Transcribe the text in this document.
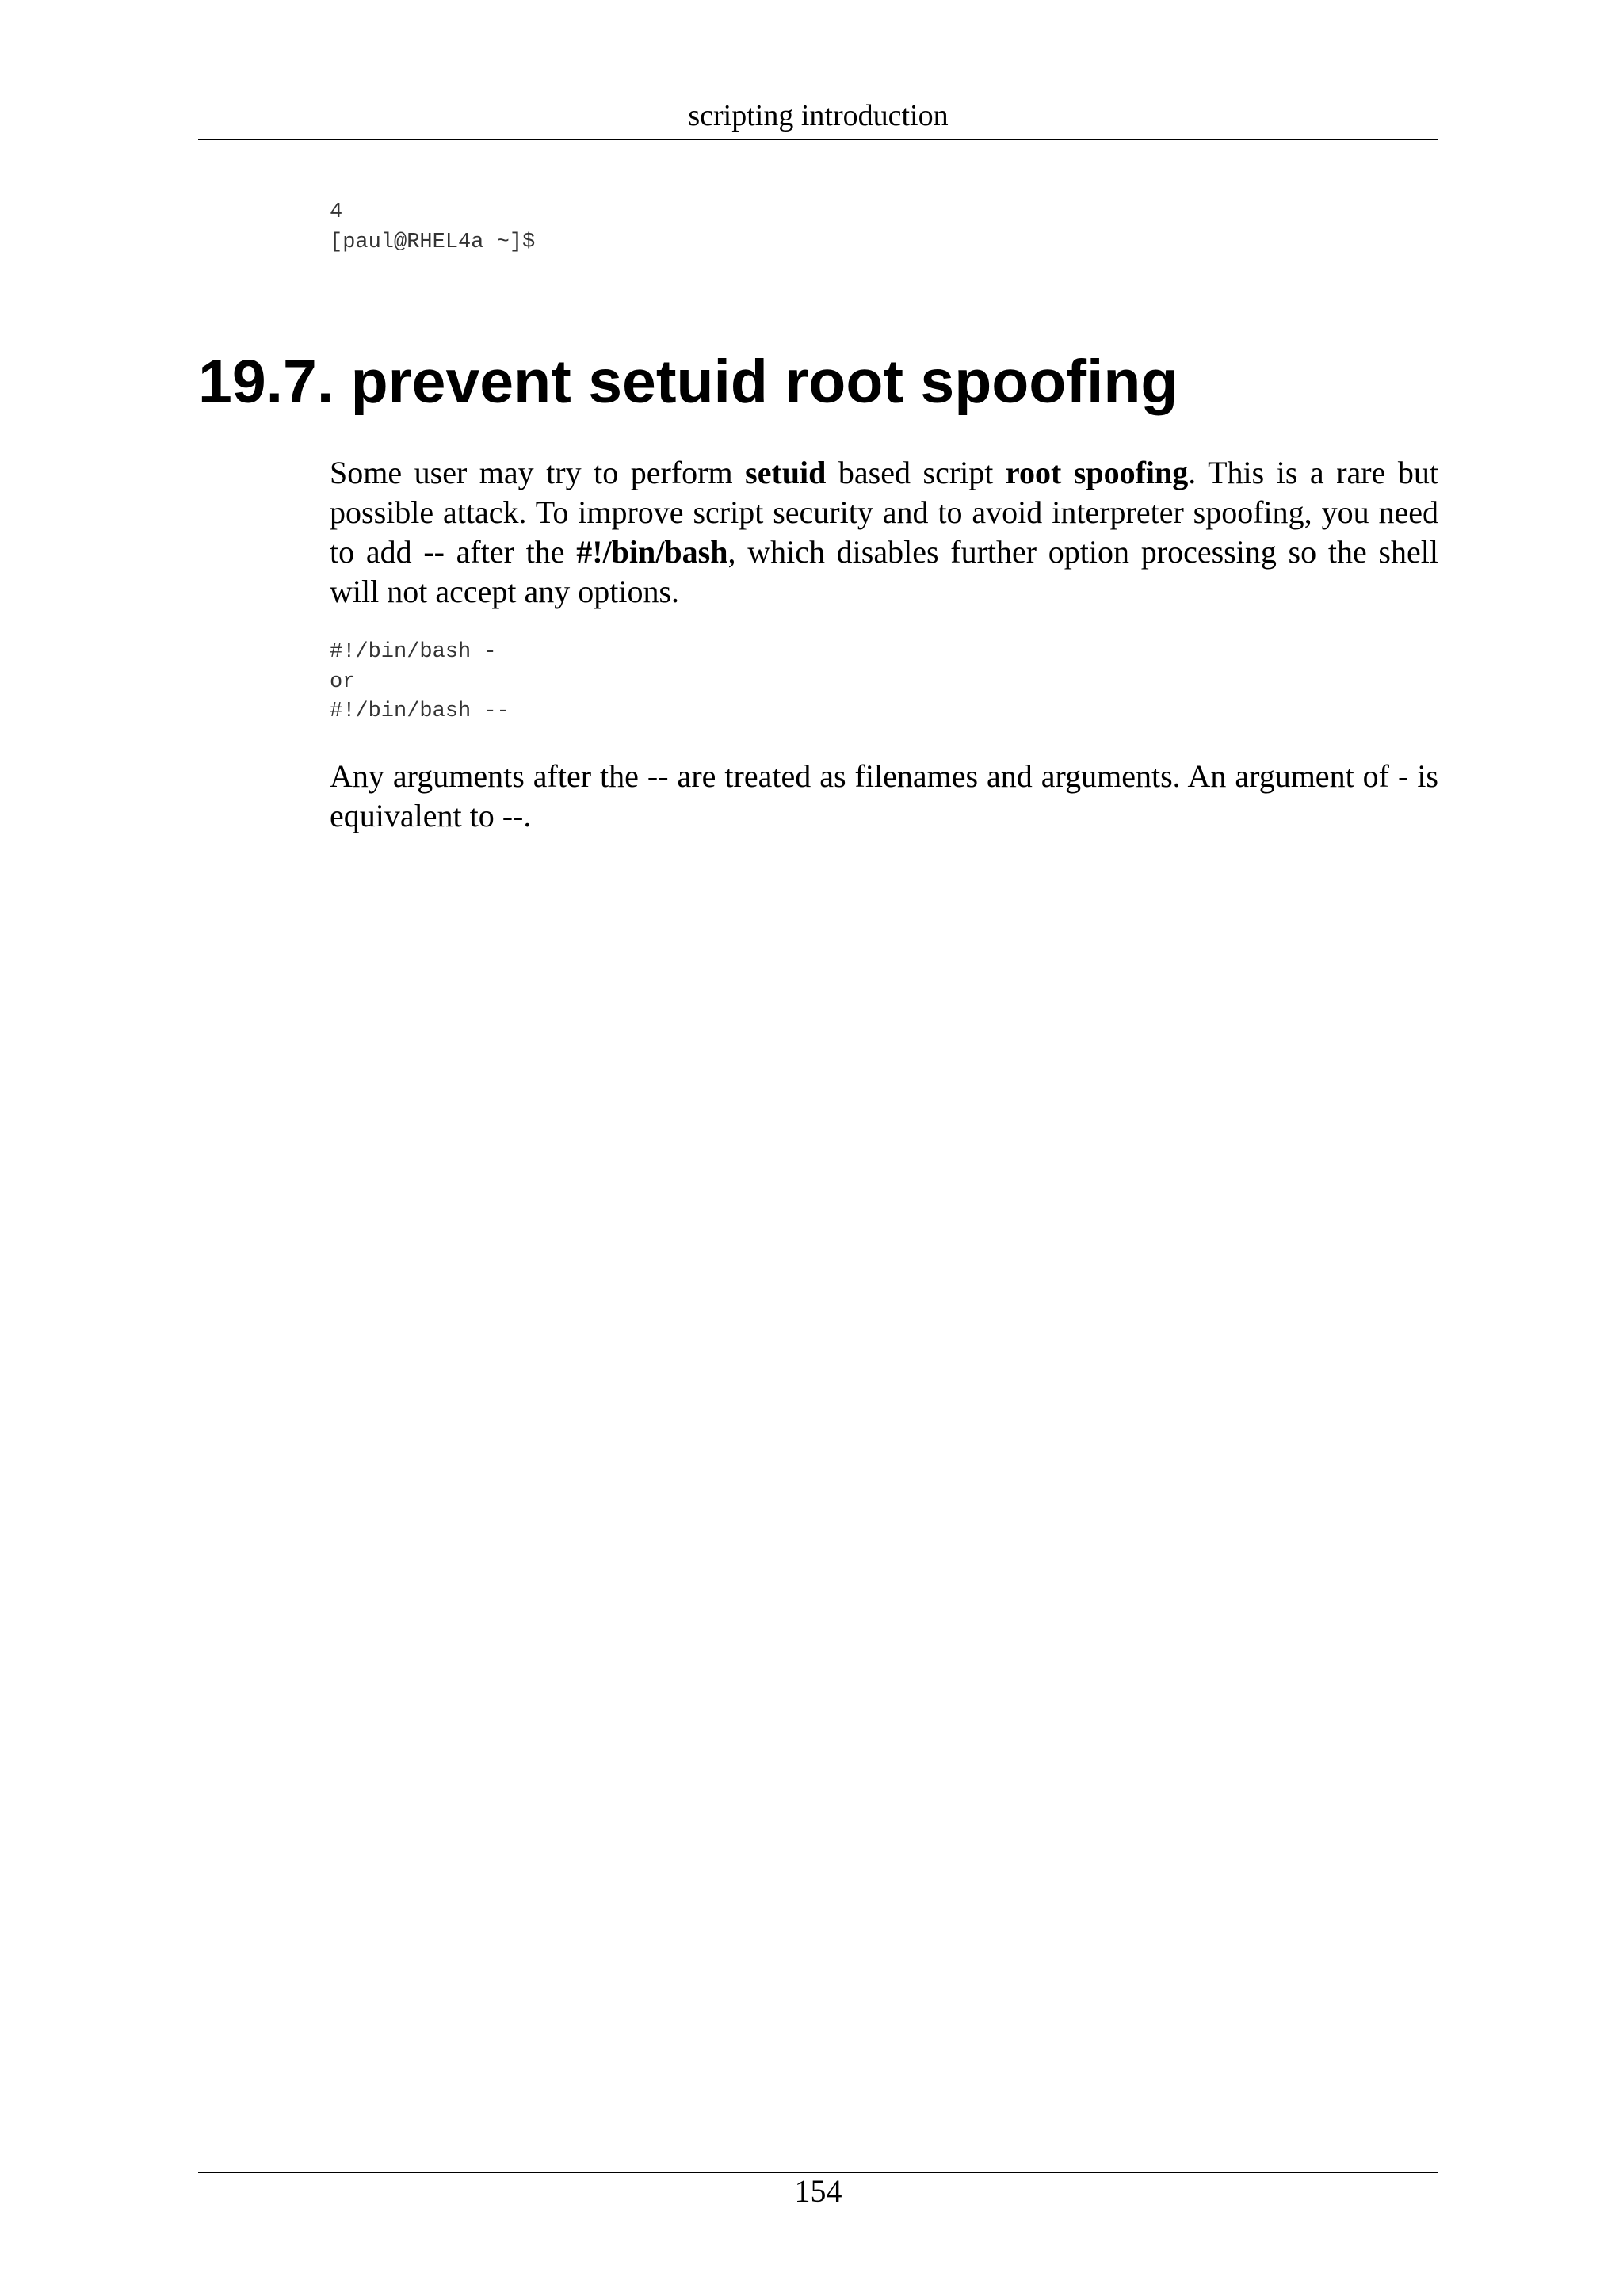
scripting introduction
4
[paul@RHEL4a ~]$
19.7. prevent setuid root spoofing

Some user may try to perform setuid based script root spoofing. This is a rare but possible attack. To improve script security and to avoid interpreter spoofing, you need to add -- after the #!/bin/bash, which disables further option processing so the shell will not accept any options.

#!/bin/bash -
or
#!/bin/bash --

Any arguments after the -- are treated as filenames and arguments. An argument of - is equivalent to --.

154
